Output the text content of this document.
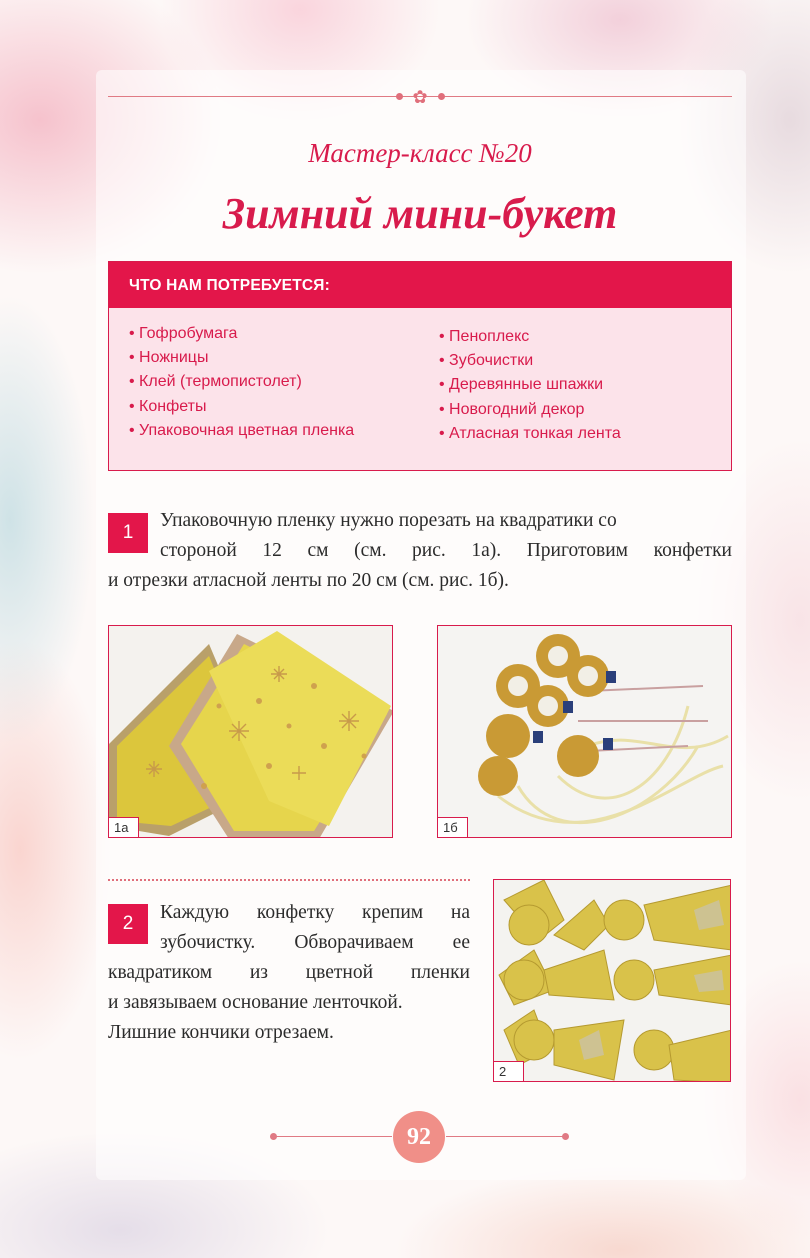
✿
Мастер-класс №20
Зимний мини-букет
ЧТО НАМ ПОТРЕБУЕТСЯ:
• Гофробумага
• Ножницы
• Клей (термопистолет)
• Конфеты
• Упаковочная цветная пленка
• Пеноплекс
• Зубочистки
• Деревянные шпажки
• Новогодний декор
• Атласная тонкая лента
1
Упаковочную пленку нужно порезать на квадратики со
стороной 12 см (см. рис. 1а). Приготовим конфетки
и отрезки атласной ленты по 20 см (см. рис. 1б).
1а	1б
2
Каждую конфетку крепим на
зубочистку. Обворачиваем ее
квадратиком из цветной пленки
и завязываем основание ленточкой.
Лишние кончики отрезаем.
2
92
